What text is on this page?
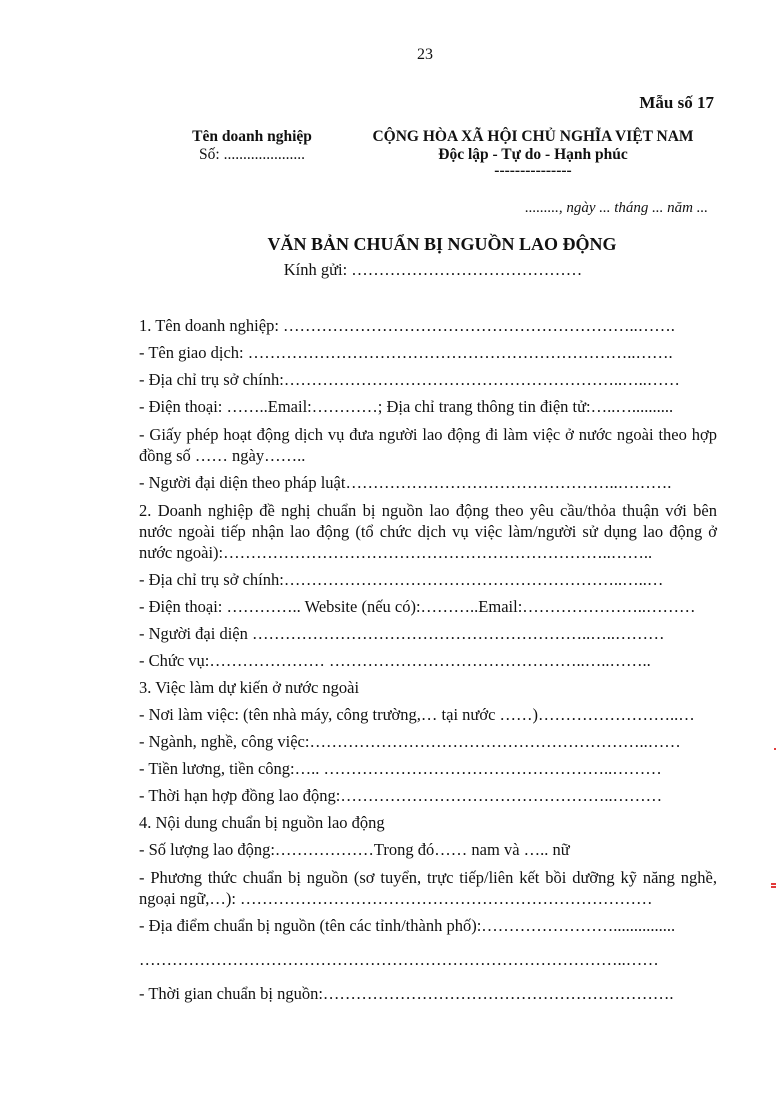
23
Mẫu số 17
Tên doanh nghiệp
Số: .....................
CỘNG HÒA XÃ HỘI CHỦ NGHĨA VIỆT NAM
Độc lập - Tự do - Hạnh phúc
---------------
........., ngày ... tháng ... năm ...
VĂN BẢN CHUẨN BỊ NGUỒN LAO ĐỘNG
Kính gửi: ……………………………………
1. Tên doanh nghiệp: ………………………………………………………..…….
- Tên giao dịch: ……………………………………………………………..…….
- Địa chỉ trụ sở chính:……………………………………………………..…..……
- Điện thoại: ……..Email:…………; Địa chỉ trang thông tin điện tử:…..…..........
- Giấy phép hoạt động dịch vụ đưa người lao động đi làm việc ở nước ngoài theo hợp đồng số …… ngày……..
- Người đại diện theo pháp luật…………………………………………..……….
2. Doanh nghiệp đề nghị chuẩn bị nguồn lao động theo yêu cầu/thỏa thuận với bên nước ngoài tiếp nhận lao động (tổ chức dịch vụ việc làm/người sử dụng lao động ở nước ngoài):……………………………………………………………..……..
- Địa chỉ trụ sở chính:……………………………………………………..…..…
- Điện thoại: ………….. Website (nếu có):………..Email:…………………..………
- Người đại diện ……………………………………………………..…..………
- Chức vụ:………………… ………………………………………..…..……..
3. Việc làm dự kiến ở nước ngoài
- Nơi làm việc: (tên nhà máy, công trường,… tại nước ……)……………………..…
- Ngành, nghề, công việc:……………………………………………………..……
- Tiền lương, tiền công:….. ……………………………………………..………
- Thời hạn hợp đồng lao động:…………………………………………..………
4. Nội dung chuẩn bị nguồn lao động
- Số lượng lao động:………………Trong đó…… nam và ….. nữ
- Phương thức chuẩn bị nguồn (sơ tuyển, trực tiếp/liên kết bồi dưỡng kỹ năng nghề, ngoại ngữ,…): …………………………………………………………………
- Địa điểm chuẩn bị nguồn (tên các tỉnh/thành phố):……………………...............
……………………………………………………………………………..……
- Thời gian chuẩn bị nguồn:……………………………………………………….
